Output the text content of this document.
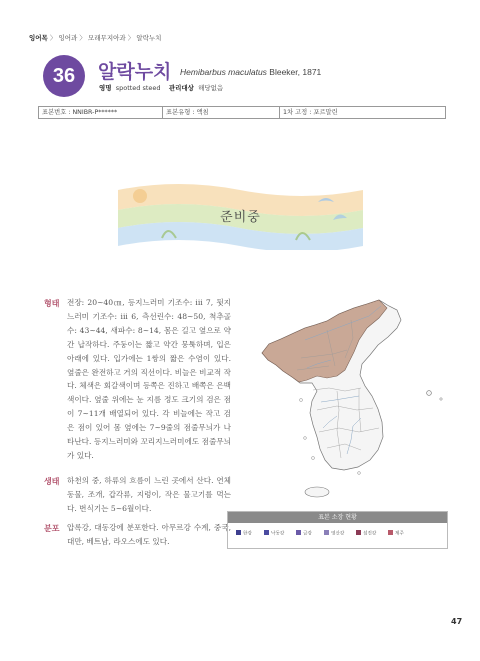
잉어목 〉 잉어과 〉 모래무지아과 〉 알락누치
36 알락누치 Hemibarbus maculatus Bleeker, 1871
영명 spotted steed 관리대상 해당없음
표본번호 : NNIBR-P******	표본유형 : 액침	1차 고정 : 포르말린
준비중
형태 전장: 20~40㎝, 등지느러미 기조수: iii 7, 뒷지느러미 기조수: iii 6, 측선린수: 48~50, 척추골수: 43~44, 새파수: 8~14, 몸은 길고 옆으로 약간 납작하다. 주둥이는 짧고 약간 뭉툭하며, 입은 아래에 있다. 입가에는 1쌍의 짧은 수염이 있다. 옆줄은 완전하고 거의 직선이다. 비늘은 비교적 작다. 체색은 회갈색이며 등쪽은 진하고 배쪽은 은백색이다. 옆줄 위에는 눈 지름 정도 크기의 검은 점이 7~11개 배열되어 있다. 각 비늘에는 작고 검은 점이 있어 몸 옆에는 7~9줄의 점줄무늬가 나타난다. 등지느러미와 꼬리지느러미에도 점줄무늬가 있다.
생태 하천의 중, 하류의 흐름이 느린 곳에서 산다. 연체동물, 조개, 갑각류, 지렁이, 작은 물고기를 먹는다. 번식기는 5~6월이다.
분포 압록강, 대동강에 분포한다. 아무르강 수계, 중국, 대만, 베트남, 라오스에도 있다.
표본 소장 현황
한강	낙동강	금강	영산강	섬진강	제주
47
